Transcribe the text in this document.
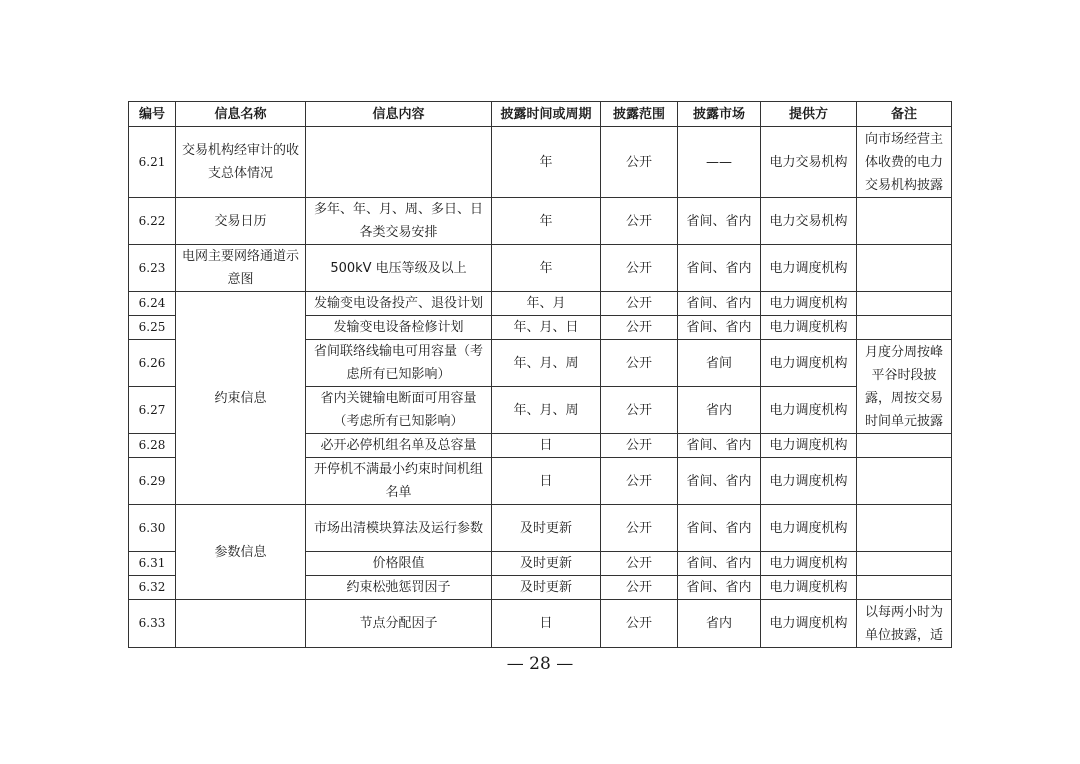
编号	信息名称	信息内容	披露时间或周期	披露范围	披露市场	提供方	备注
6.21	交易机构经审计的收支总体情况		年	公开	——	电力交易机构	向市场经营主体收费的电力交易机构披露
6.22	交易日历	多年、年、月、周、多日、日各类交易安排	年	公开	省间、省内	电力交易机构	
6.23	电网主要网络通道示意图	500kV 电压等级及以上	年	公开	省间、省内	电力调度机构	
6.24	约束信息	发输变电设备投产、退役计划	年、月	公开	省间、省内	电力调度机构	
6.25		发输变电设备检修计划	年、月、日	公开	省间、省内	电力调度机构	
6.26		省间联络线输电可用容量（考虑所有已知影响）	年、月、周	公开	省间	电力调度机构	月度分周按峰平谷时段披露，周按交易时间单元披露
6.27		省内关键输电断面可用容量（考虑所有已知影响）	年、月、周	公开	省内	电力调度机构	
6.28		必开必停机组名单及总容量	日	公开	省间、省内	电力调度机构	
6.29		开停机不满最小约束时间机组名单	日	公开	省间、省内	电力调度机构	
6.30	参数信息	市场出清模块算法及运行参数	及时更新	公开	省间、省内	电力调度机构	
6.31		价格限值	及时更新	公开	省间、省内	电力调度机构	
6.32		约束松弛惩罚因子	及时更新	公开	省间、省内	电力调度机构	
6.33		节点分配因子	日	公开	省内	电力调度机构	以每两小时为单位披露，适
— 28 —
